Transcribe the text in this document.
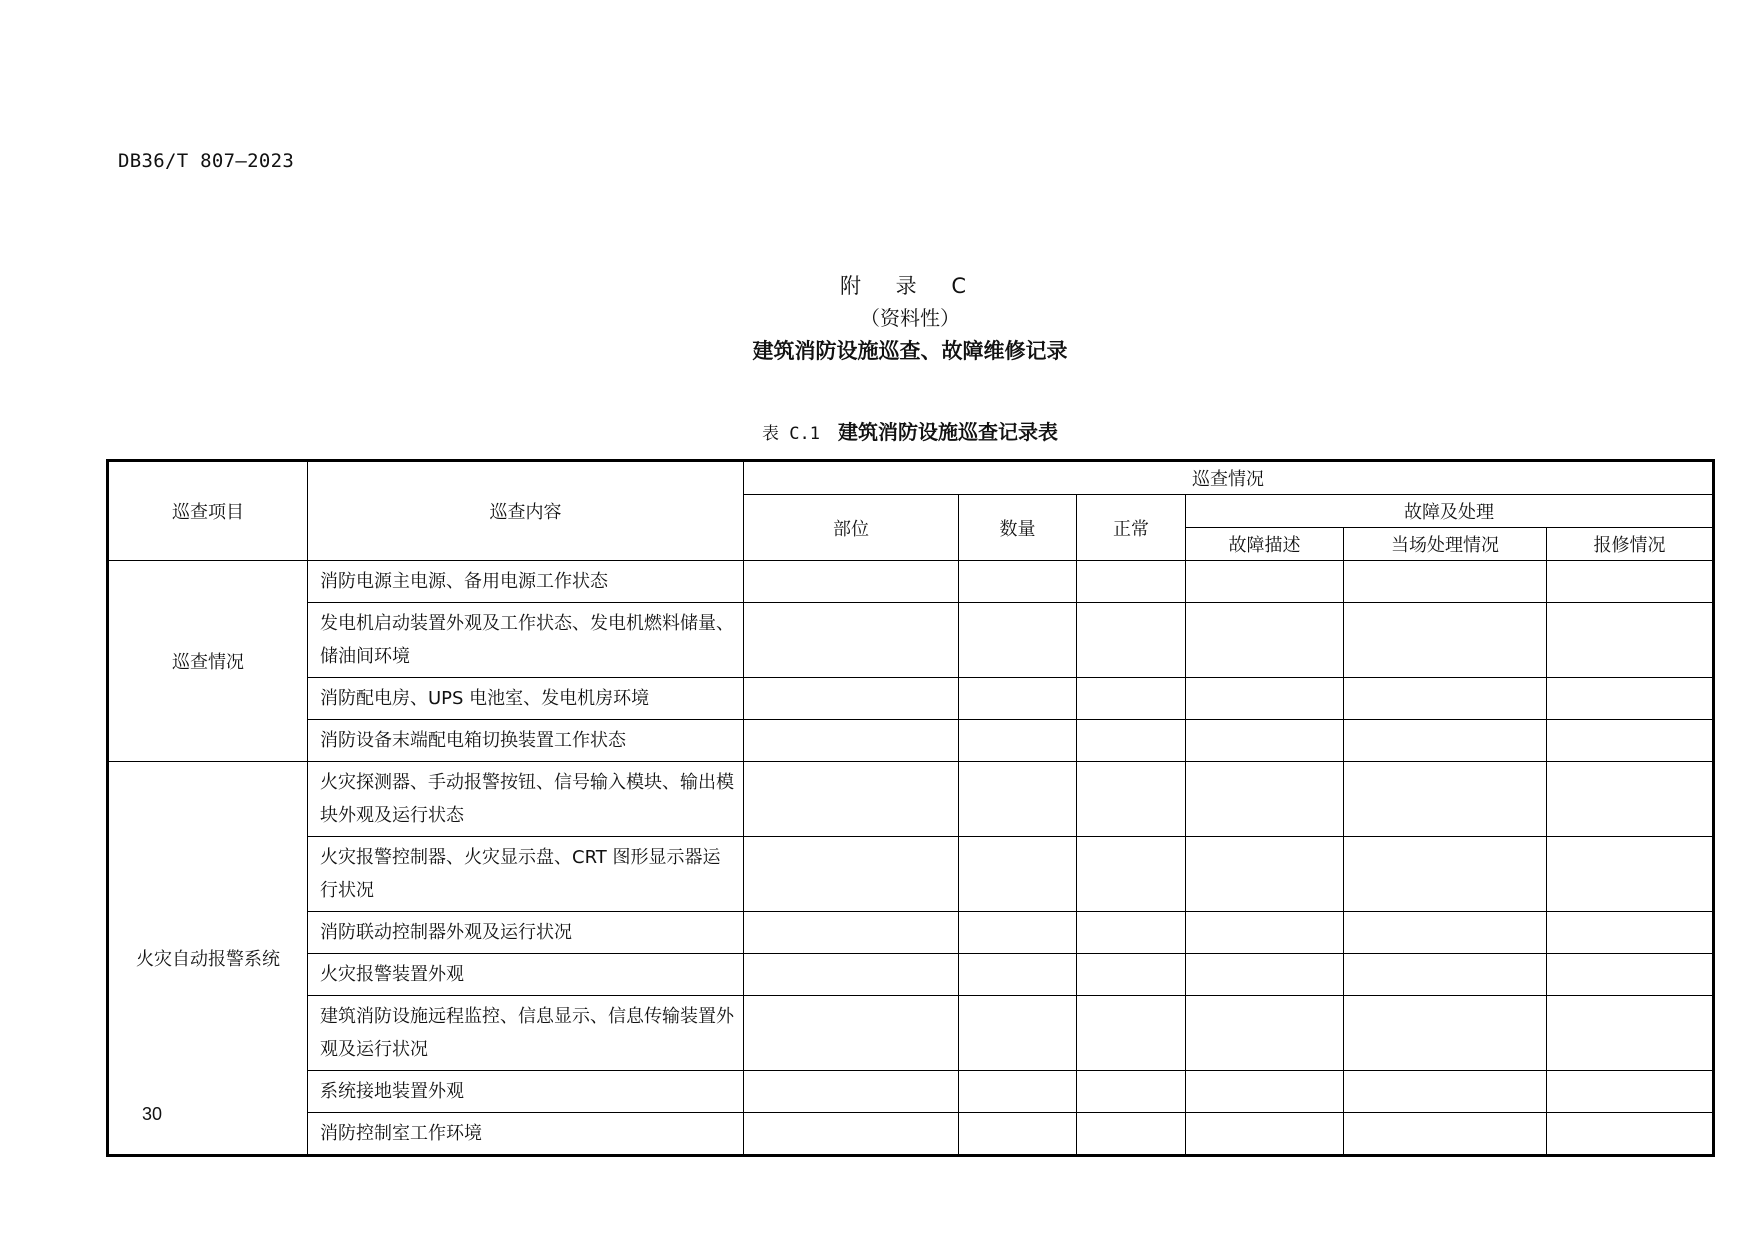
DB36/T 807—2023
附 录 C
（资料性）
建筑消防设施巡查、故障维修记录
表 C.1 建筑消防设施巡查记录表
巡查项目	巡查内容	巡查情况					
		部位	数量	正常	故障及处理		
					故障描述	当场处理情况	报修情况
巡查情况	消防电源主电源、备用电源工作状态						
	发电机启动装置外观及工作状态、发电机燃料储量、储油间环境						
	消防配电房、UPS 电池室、发电机房环境						
	消防设备末端配电箱切换装置工作状态						
火灾自动报警系统	火灾探测器、手动报警按钮、信号输入模块、输出模块外观及运行状态						
	火灾报警控制器、火灾显示盘、CRT 图形显示器运行状况						
	消防联动控制器外观及运行状况						
	火灾报警装置外观						
	建筑消防设施远程监控、信息显示、信息传输装置外观及运行状况						
	系统接地装置外观						
	消防控制室工作环境						
30
